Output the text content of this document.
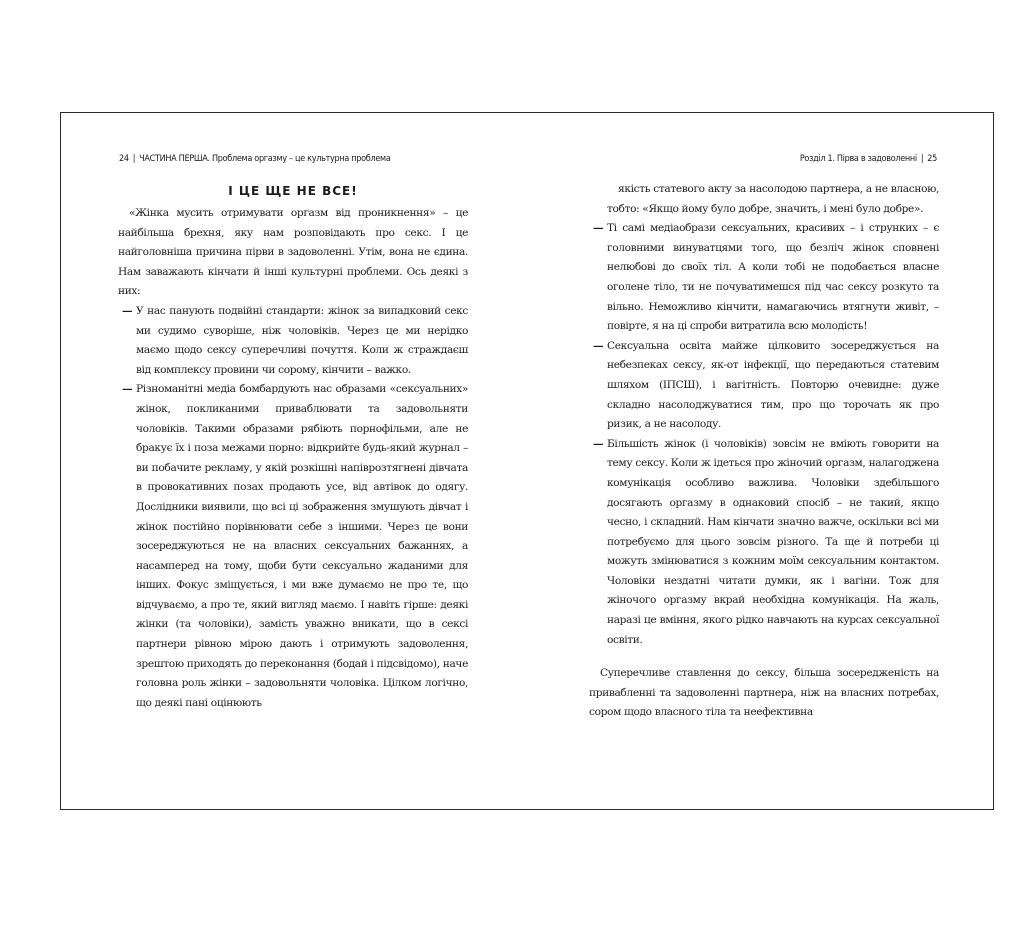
24 | ЧАСТИНА ПЕРША. Проблема оргазму – це культурна проблема
І ЦЕ ЩЕ НЕ ВСЕ!

«Жінка мусить отримувати оргазм від проникнення» – це найбільша брехня, яку нам розповідають про секс. І це найголовніша причина пірви в задоволенні. Утім, вона не єдина. Нам заважають кінчати й інші культурні проблеми. Ось деякі з них:

— У нас панують подвійні стандарти: жінок за випадковий секс ми судимо суворіше, ніж чоловіків. Через це ми нерідко маємо щодо сексу суперечливі почуття. Коли ж страждаєш від комплексу провини чи сорому, кінчити – важко.
— Різноманітні медіа бомбардують нас образами «сексуальних» жінок, покликаними приваблювати та задовольняти чоловіків. Такими образами рябіють порнофільми, але не бракує їх і поза межами порно: відкрийте будь-який журнал – ви побачите рекламу, у якій розкішні напіврозтягнені дівчата в провокативних позах продають усе, від автівок до одягу. Дослідники виявили, що всі ці зображення змушують дівчат і жінок постійно порівнювати себе з іншими. Через це вони зосереджуються не на власних сексуальних бажаннях, а насамперед на тому, щоби бути сексуально жаданими для інших. Фокус зміщується, і ми вже думаємо не про те, що відчуваємо, а про те, який вигляд маємо. І навіть гірше: деякі жінки (та чоловіки), замість уважно вникати, що в сексі партнери рівною мірою дають і отримують задоволення, зрештою приходять до переконання (бодай і підсвідомо), наче головна роль жінки – задовольняти чоловіка. Цілком логічно, що деякі пані оцінюють
Розділ 1. Пірва в задоволенні | 25

якість статевого акту за насолодою партнера, а не власною, тобто: «Якщо йому було добре, значить, і мені було добре».

— Ті самі медіаобрази сексуальних, красивих – і струнких – є головними винуватцями того, що безліч жінок сповнені нелюбові до своїх тіл. А коли тобі не подобається власне оголене тіло, ти не почуватимешся під час сексу розкуто та вільно. Неможливо кінчити, намагаючись втягнути живіт, – повірте, я на ці спроби витратила всю молодість!
— Сексуальна освіта майже цілковито зосереджується на небезпеках сексу, як-от інфекції, що передаються статевим шляхом (ІПСШ), і вагітність. Повторю очевидне: дуже складно насолоджуватися тим, про що торочать як про ризик, а не насолоду.
— Більшість жінок (і чоловіків) зовсім не вміють говорити на тему сексу. Коли ж ідеться про жіночий оргазм, налагоджена комунікація особливо важлива. Чоловіки здебільшого досягають оргазму в однаковий спосіб – не такий, якщо чесно, і складний. Нам кінчати значно важче, оскільки всі ми потребуємо для цього зовсім різного. Та ще й потреби ці можуть змінюватися з кожним моїм сексуальним контактом. Чоловіки нездатні читати думки, як і вагіни. Тож для жіночого оргазму вкрай необхідна комунікація. На жаль, наразі це вміння, якого рідко навчають на курсах сексуальної освіти.

Суперечливе ставлення до сексу, більша зосередженість на привабленні та задоволенні партнера, ніж на власних потребах, сором щодо власного тіла та неефективна
